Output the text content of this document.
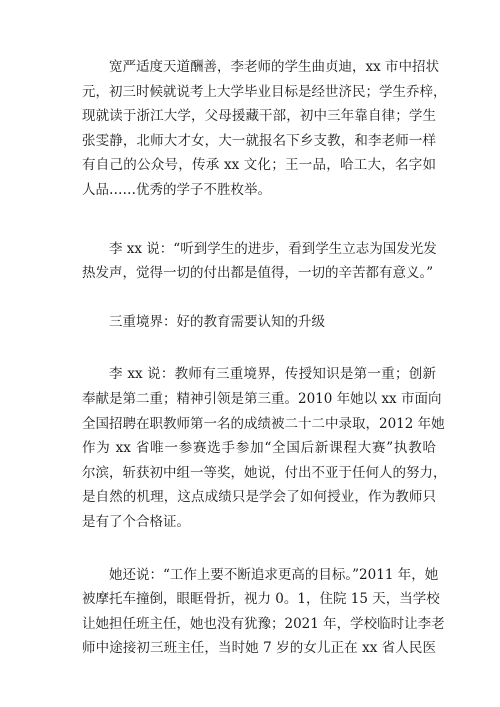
宽严适度天道酬善，李老师的学生曲贞迪，xx 市中招状
元，初三时候就说考上大学毕业目标是经世济民；学生乔梓，
现就读于浙江大学，父母援藏干部，初中三年靠自律；学生
张雯静，北师大才女，大一就报名下乡支教，和李老师一样
有自己的公众号，传承 xx 文化；王一品，哈工大，名字如
人品……优秀的学子不胜枚举。

李 xx 说：“听到学生的进步，看到学生立志为国发光发
热发声，觉得一切的付出都是值得，一切的辛苦都有意义。”

三重境界：好的教育需要认知的升级

李 xx 说：教师有三重境界，传授知识是第一重；创新
奉献是第二重；精神引领是第三重。2010 年她以 xx 市面向
全国招聘在职教师第一名的成绩被二十二中录取，2012 年她
作为 xx 省唯一参赛选手参加“全国后新课程大赛”执教哈
尔滨，斩获初中组一等奖，她说，付出不亚于任何人的努力，
是自然的机理，这点成绩只是学会了如何授业，作为教师只
是有了个合格证。

她还说：“工作上要不断追求更高的目标。”2011 年，她
被摩托车撞倒，眼眶骨折，视力 0。1，住院 15 天，当学校
让她担任班主任，她也没有犹豫；2021 年，学校临时让李老
师中途接初三班主任，当时她 7 岁的女儿正在 xx 省人民医
